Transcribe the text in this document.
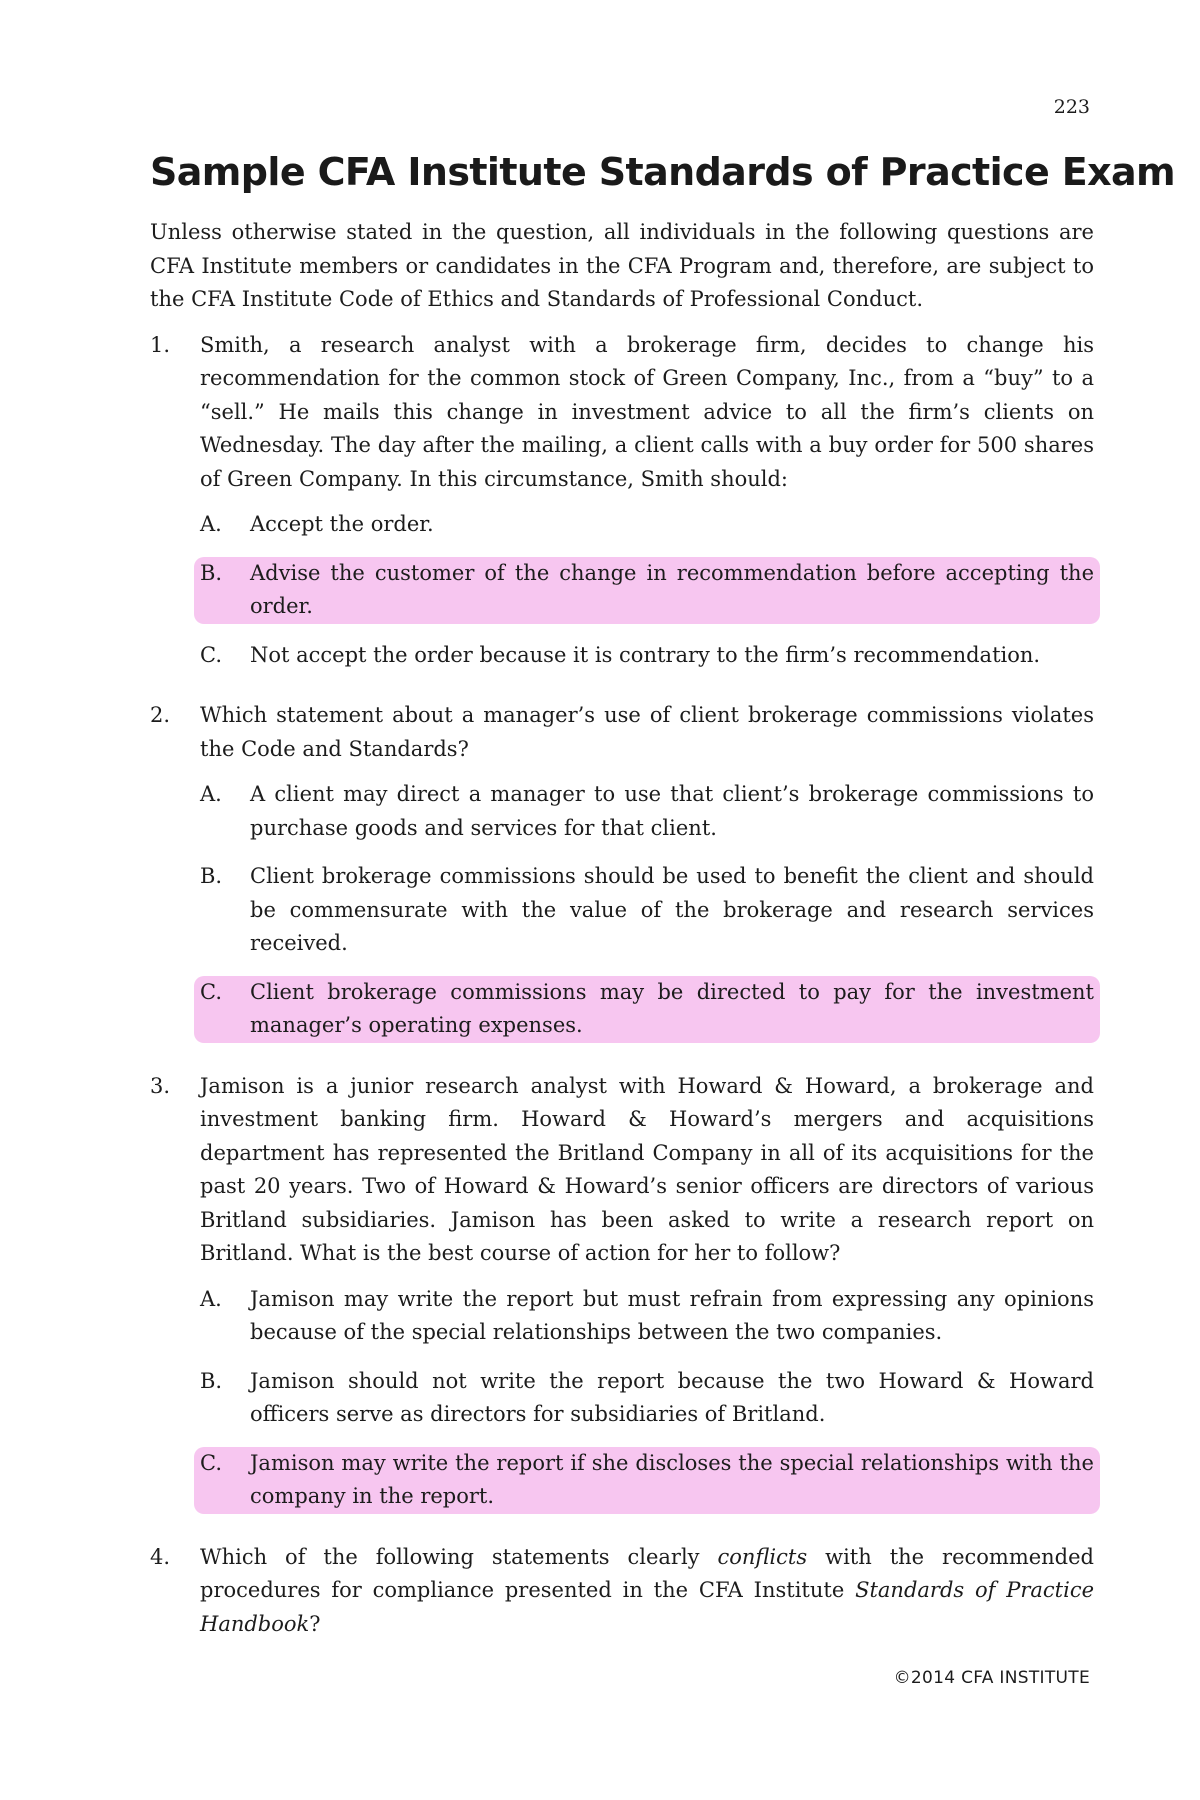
223
Sample CFA Institute Standards of Practice Exam

Unless otherwise stated in the question, all individuals in the following questions are CFA Institute members or candidates in the CFA Program and, therefore, are subject to the CFA Institute Code of Ethics and Standards of Professional Conduct.

1.	Smith, a research analyst with a brokerage firm, decides to change his recommendation for the common stock of Green Company, Inc., from a “buy” to a “sell.” He mails this change in investment advice to all the firm’s clients on Wednesday. The day after the mailing, a client calls with a buy order for 500 shares of Green Company. In this circumstance, Smith should:

A.	Accept the order.
B.	Advise the customer of the change in recommendation before accepting the order.
C.	Not accept the order because it is contrary to the firm’s recommendation.
2.	Which statement about a manager’s use of client brokerage commissions violates the Code and Standards?

A.	A client may direct a manager to use that client’s brokerage commissions to purchase goods and services for that client.
B.	Client brokerage commissions should be used to benefit the client and should be commensurate with the value of the brokerage and research services received.
C.	Client brokerage commissions may be directed to pay for the investment manager’s operating expenses.
3.	Jamison is a junior research analyst with Howard & Howard, a brokerage and investment banking firm. Howard & Howard’s mergers and acquisitions department has represented the Britland Company in all of its acquisitions for the past 20 years. Two of Howard & Howard’s senior officers are directors of various Britland subsidiaries. Jamison has been asked to write a research report on Britland. What is the best course of action for her to follow?

A.	Jamison may write the report but must refrain from expressing any opinions because of the special relationships between the two companies.
B.	Jamison should not write the report because the two Howard & Howard officers serve as directors for subsidiaries of Britland.
C.	Jamison may write the report if she discloses the special relationships with the company in the report.
4.	Which of the following statements clearly conflicts with the recommended procedures for compliance presented in the CFA Institute Standards of Practice Handbook?

©2014 CFA INSTITUTE
